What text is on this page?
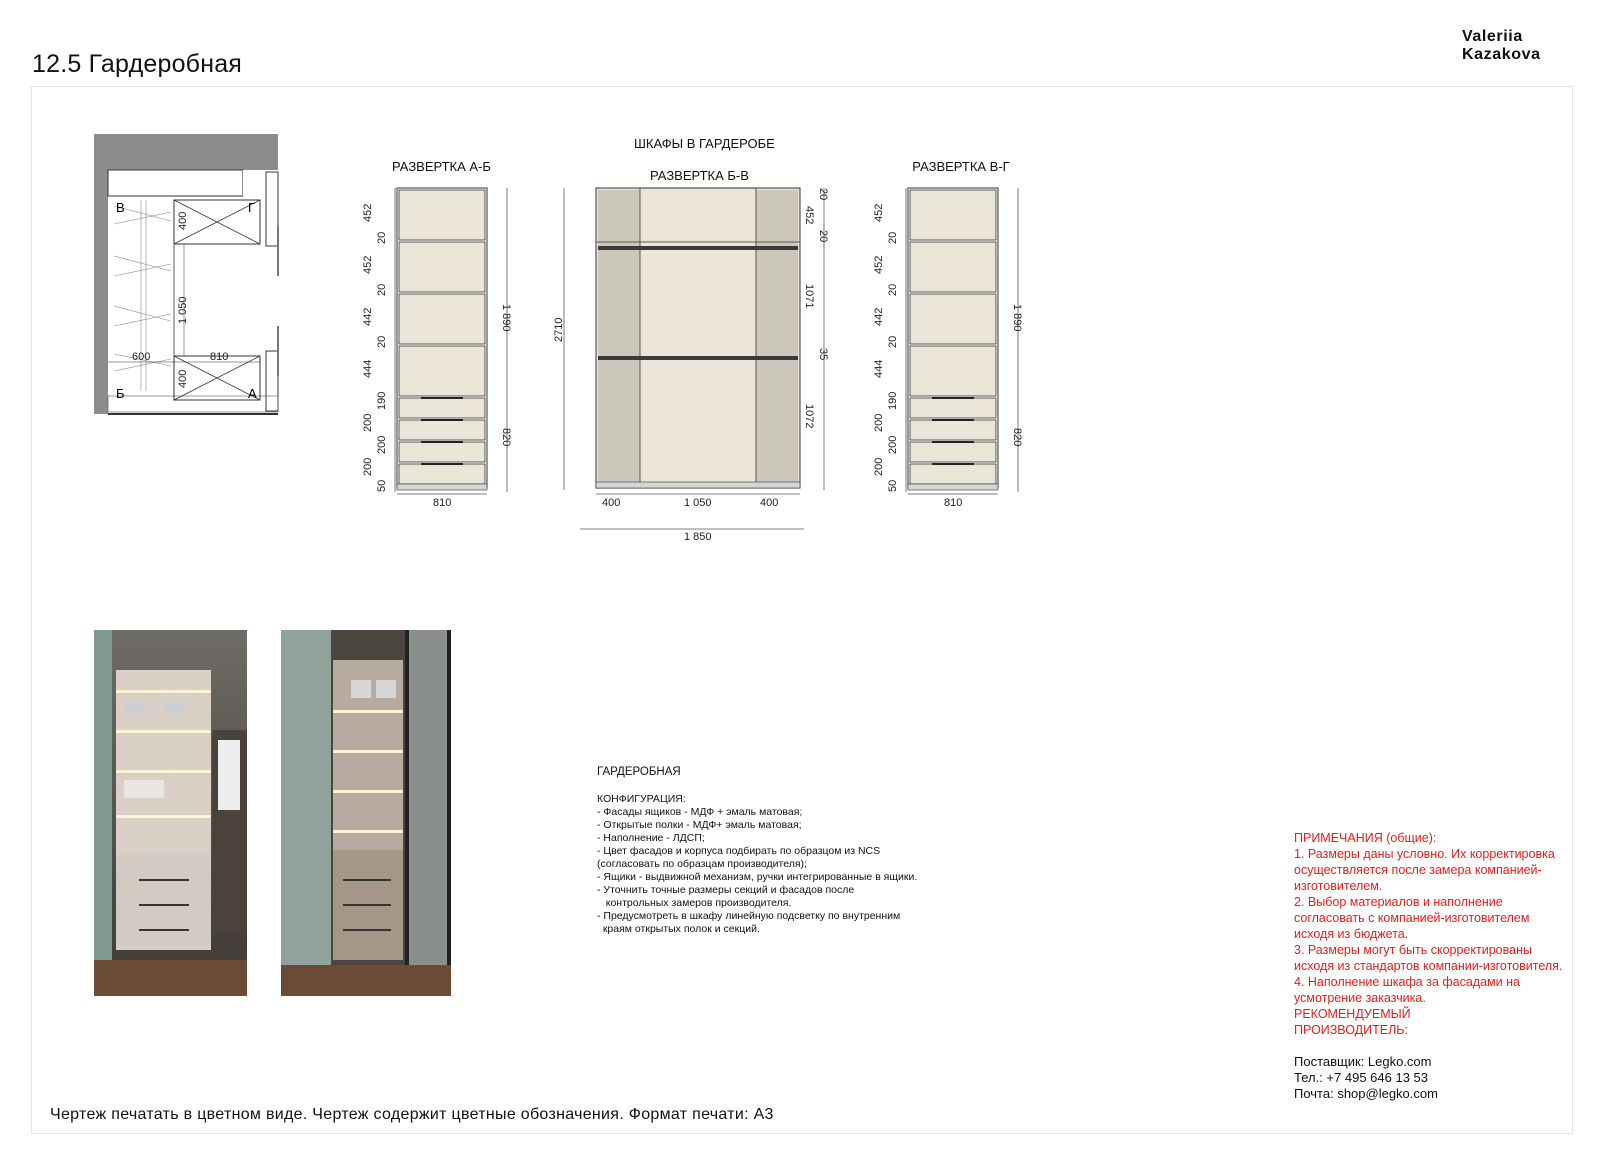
12.5 Гардеробная
Valeriia
Kazakova
В	Г
Б	А
400
1 050
600	810
400
ШКАФЫ В ГАРДЕРОБЕ
РАЗВЕРТКА А-Б
РАЗВЕРТКА Б-В
РАЗВЕРТКА В-Г
452
20
452
20
442
20
444
190
200
200
200
50
1 890
820
810
2710
20
452
20
1071
35
1072
400	1 050	400
1 850
452
20
452
20
442
20
444
190
200
200
200
50
1 890
820
810
ГАРДЕРОБНАЯ
КОНФИГУРАЦИЯ:
- Фасады ящиков - МДФ + эмаль матовая;
- Открытые полки - МДФ+ эмаль матовая;
- Наполнение - ЛДСП;
- Цвет фасадов и корпуса подбирать по образцом из NCS
(согласовать по образцам производителя);
- Ящики - выдвижной механизм, ручки интегрированные в ящики.
- Уточнить точные размеры секций и фасадов после
контрольных замеров производителя.
- Предусмотреть в шкафу линейную подсветку по внутренним
краям открытых полок и секций.
ПРИМЕЧАНИЯ (общие):
1. Размеры даны условно. Их корректировка осуществляется после замера компанией-изготовителем.
2. Выбор материалов и наполнение согласовать с компанией-изготовителем исходя из бюджета.
3. Размеры могут быть скорректированы исходя из стандартов компании-изготовителя.
4. Наполнение шкафа за фасадами на усмотрение заказчика.
РЕКОМЕНДУЕМЫЙ ПРОИЗВОДИТЕЛЬ:
Поставщик: Legko.com
Тел.: +7 495 646 13 53
Почта: shop@legko.com
Чертеж печатать в цветном виде. Чертеж содержит цветные обозначения. Формат печати: А3
